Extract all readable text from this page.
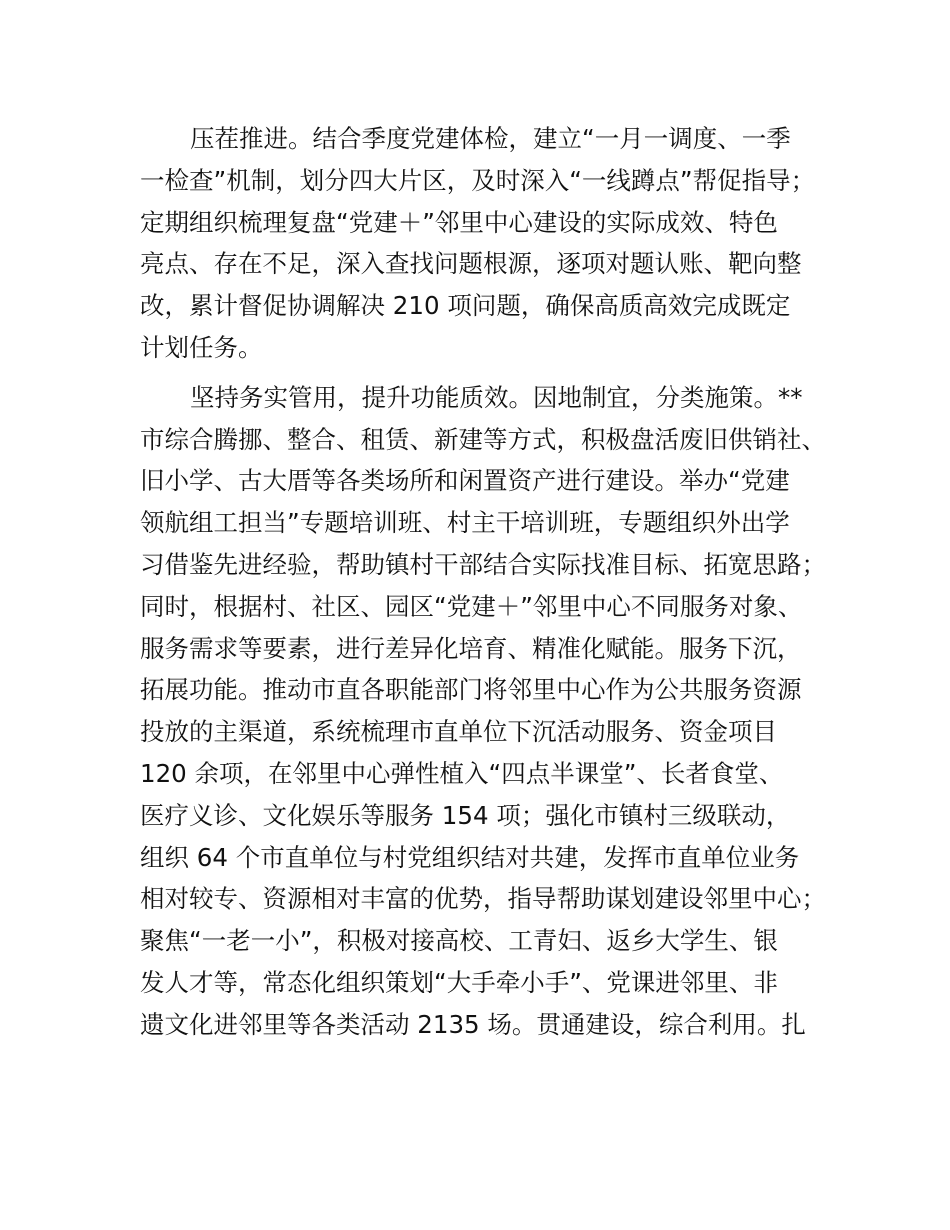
压茬推进。结合季度党建体检，建立“一月一调度、一季
一检查”机制，划分四大片区，及时深入“一线蹲点”帮促指导；
定期组织梳理复盘“党建＋”邻里中心建设的实际成效、特色
亮点、存在不足，深入查找问题根源，逐项对题认账、靶向整
改，累计督促协调解决 210 项问题，确保高质高效完成既定
计划任务。
坚持务实管用，提升功能质效。因地制宜，分类施策。**
市综合腾挪、整合、租赁、新建等方式，积极盘活废旧供销社、
旧小学、古大厝等各类场所和闲置资产进行建设。举办“党建
领航组工担当”专题培训班、村主干培训班，专题组织外出学
习借鉴先进经验，帮助镇村干部结合实际找准目标、拓宽思路；
同时，根据村、社区、园区“党建＋”邻里中心不同服务对象、
服务需求等要素，进行差异化培育、精准化赋能。服务下沉，
拓展功能。推动市直各职能部门将邻里中心作为公共服务资源
投放的主渠道，系统梳理市直单位下沉活动服务、资金项目
120 余项，在邻里中心弹性植入“四点半课堂”、长者食堂、
医疗义诊、文化娱乐等服务 154 项；强化市镇村三级联动，
组织 64 个市直单位与村党组织结对共建，发挥市直单位业务
相对较专、资源相对丰富的优势，指导帮助谋划建设邻里中心；
聚焦“一老一小”，积极对接高校、工青妇、返乡大学生、银
发人才等，常态化组织策划“大手牵小手”、党课进邻里、非
遗文化进邻里等各类活动 2135 场。贯通建设，综合利用。扎
